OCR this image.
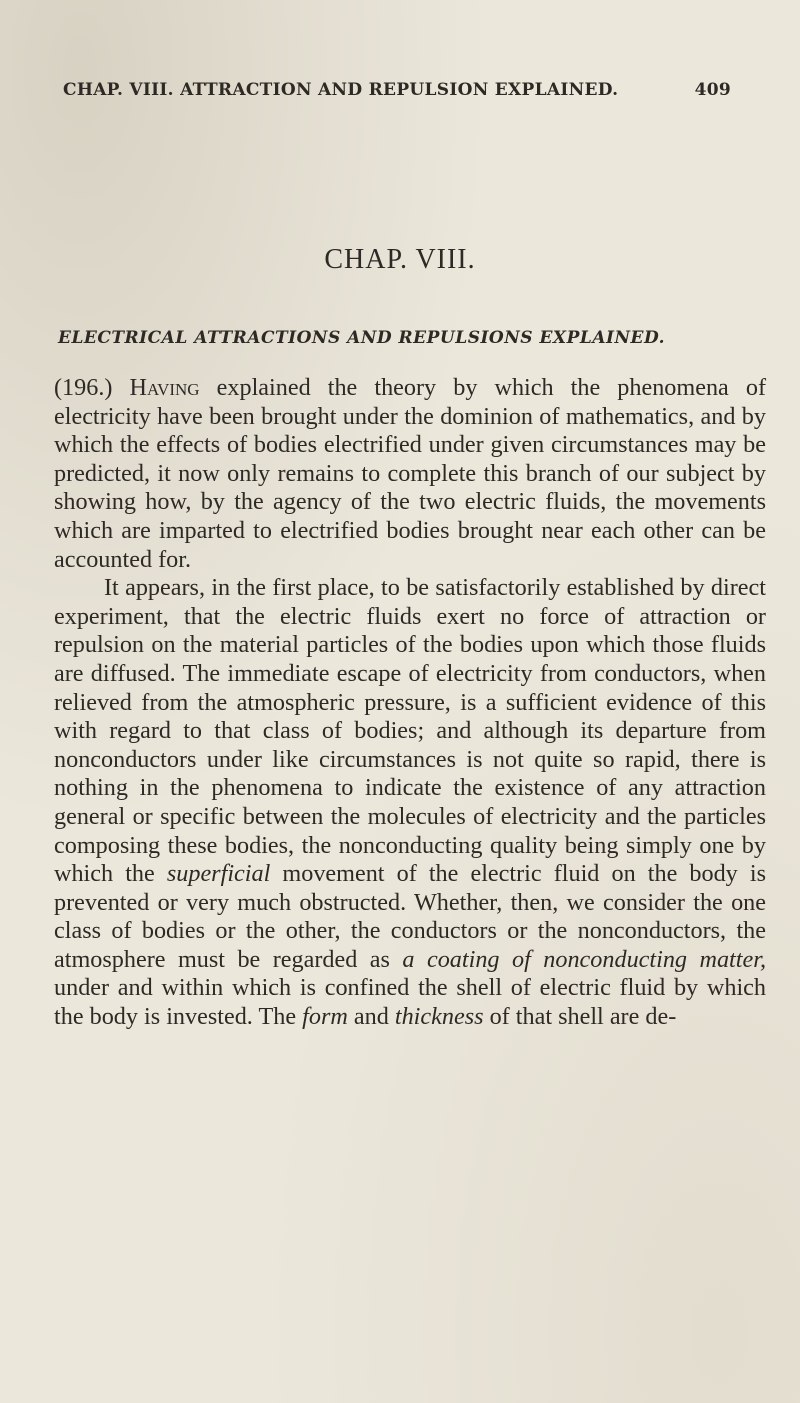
CHAP. VIII. ATTRACTION AND REPULSION EXPLAINED.	409
CHAP. VIII.
ELECTRICAL ATTRACTIONS AND REPULSIONS EXPLAINED.

(196.) Having explained the theory by which the phenomena of electricity have been brought under the dominion of mathematics, and by which the effects of bodies electrified under given circumstances may be predicted, it now only remains to complete this branch of our subject by showing how, by the agency of the two electric fluids, the movements which are imparted to electrified bodies brought near each other can be accounted for.

It appears, in the first place, to be satisfactorily established by direct experiment, that the electric fluids exert no force of attraction or repulsion on the material particles of the bodies upon which those fluids are diffused. The immediate escape of electricity from conductors, when relieved from the atmospheric pressure, is a sufficient evidence of this with regard to that class of bodies; and although its departure from nonconductors under like circumstances is not quite so rapid, there is nothing in the phenomena to indicate the existence of any attraction general or specific between the molecules of electricity and the particles composing these bodies, the nonconducting quality being simply one by which the superficial movement of the electric fluid on the body is prevented or very much obstructed. Whether, then, we consider the one class of bodies or the other, the conductors or the nonconductors, the atmosphere must be regarded as a coating of nonconducting matter, under and within which is confined the shell of electric fluid by which the body is invested. The form and thickness of that shell are de-
